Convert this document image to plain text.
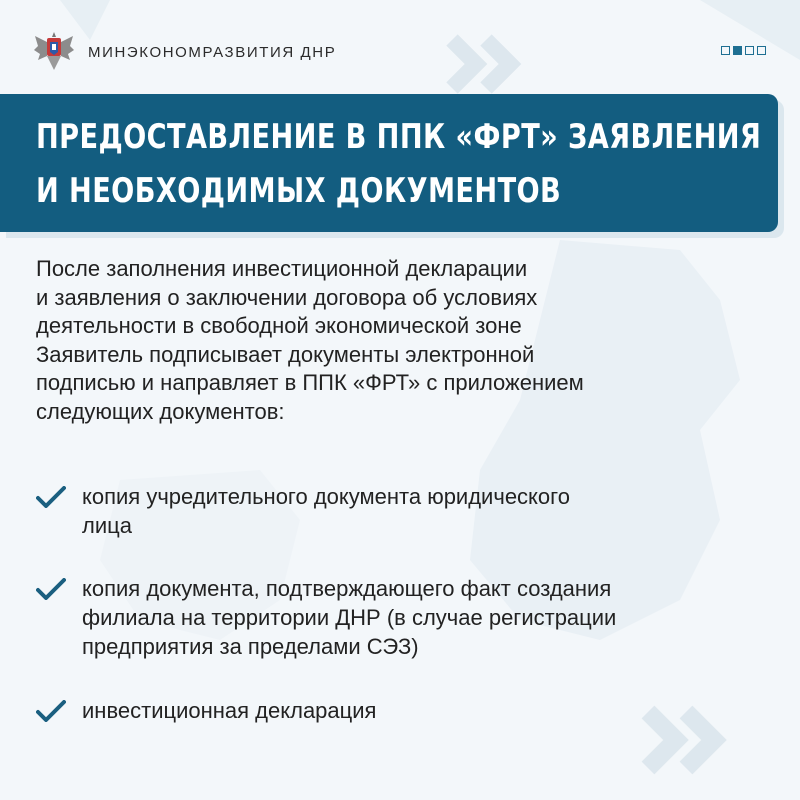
МИНЭКОНОМРАЗВИТИЯ ДНР
ПРЕДОСТАВЛЕНИЕ В ППК «ФРТ» ЗАЯВЛЕНИЯ
И НЕОБХОДИМЫХ ДОКУМЕНТОВ

После заполнения инвестиционной декларации
и заявления о заключении договора об условиях
деятельности в свободной экономической зоне
Заявитель подписывает документы электронной
подписью и направляет в ППК «ФРТ» с приложением
следующих документов:

копия учредительного документа юридического
лица
копия документа, подтверждающего факт создания
филиала на территории ДНР (в случае регистрации
предприятия за пределами СЭЗ)
инвестиционная декларация
